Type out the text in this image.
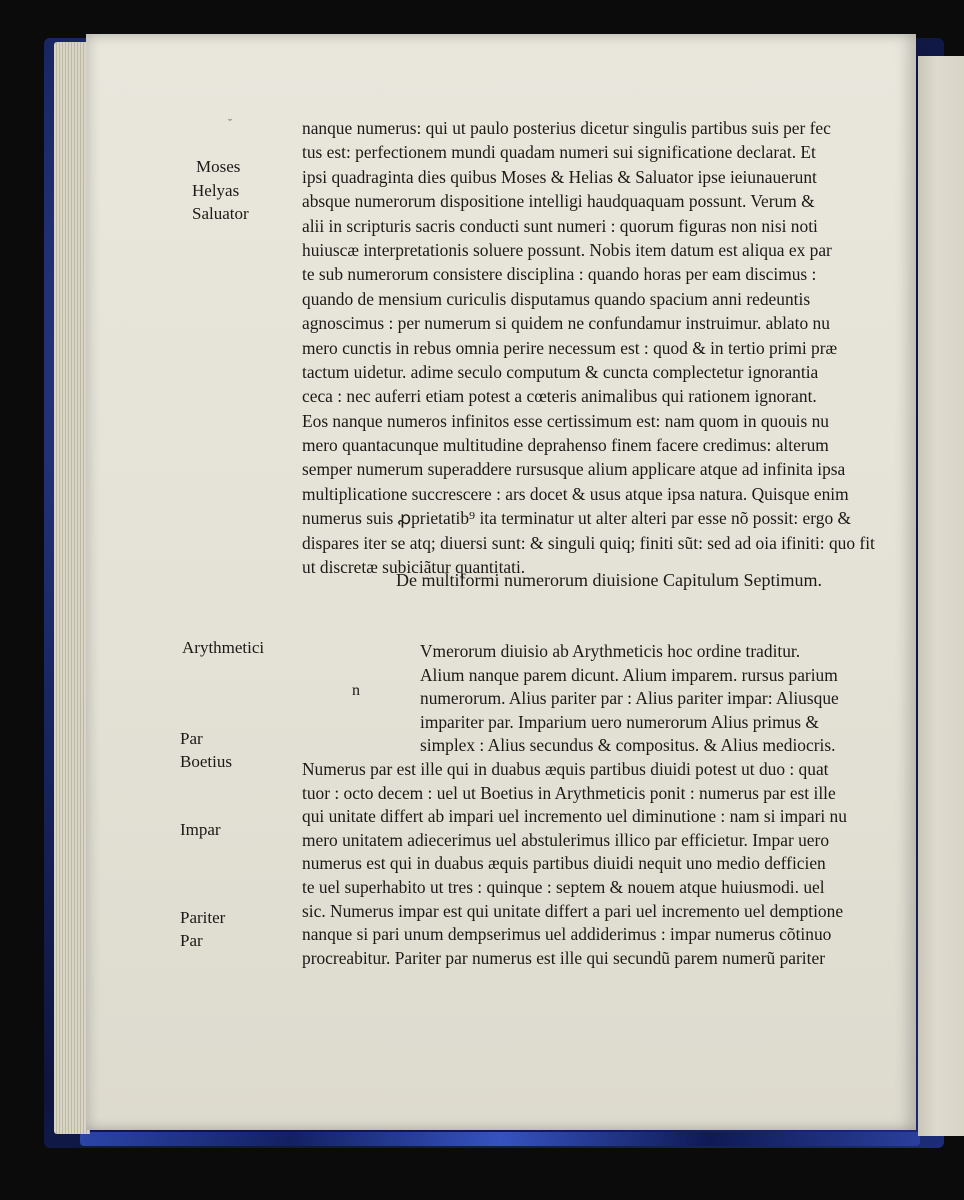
˘
Moses
Helyas
Saluator
Arythmetici
Par
Boetius
Impar
Pariter
Par
nanque numerus: qui ut paulo posterius dicetur singulis partibus suis per fec
tus est: perfectionem mundi quadam numeri sui significatione declarat. Et
ipsi quadraginta dies quibus Moses & Helias & Saluator ipse ieiunauerunt
absque numerorum dispositione intelligi haudquaquam possunt. Verum &
alii in scripturis sacris conducti sunt numeri : quorum figuras non nisi noti
huiuscæ interpretationis soluere possunt. Nobis item datum est aliqua ex par
te sub numerorum consistere disciplina : quando horas per eam discimus :
quando de mensium curiculis disputamus quando spacium anni redeuntis
agnoscimus : per numerum si quidem ne confundamur instruimur. ablato nu
mero cunctis in rebus omnia perire necessum est : quod & in tertio primi præ
tactum uidetur. adime seculo computum & cuncta complectetur ignorantia
ceca : nec auferri etiam potest a cœteris animalibus qui rationem ignorant.
Eos nanque numeros infinitos esse certissimum est: nam quom in quouis nu
mero quantacunque multitudine deprahenso finem facere credimus: alterum
semper numerum superaddere rursusque alium applicare atque ad infinita ipsa
multiplicatione succrescere : ars docet & usus atque ipsa natura. Quisque enim
numerus suis ꝓprietatib⁹ ita terminatur ut alter alteri par esse nõ possit: ergo &
dispares iter se atq; diuersi sunt: & singuli quiq; finiti sũt: sed ad oia ifiniti: quo fit
ut discretæ subiciãtur quantitati.
De multiformi numerorum diuisione Capitulum Septimum.
n
Vmerorum diuisio ab Arythmeticis hoc ordine traditur.
Alium nanque parem dicunt. Alium imparem. rursus parium
numerorum. Alius pariter par : Alius pariter impar: Aliusque
impariter par. Imparium uero numerorum Alius primus &
simplex : Alius secundus & compositus. & Alius mediocris.
Numerus par est ille qui in duabus æquis partibus diuidi potest ut duo : quat
tuor : octo decem : uel ut Boetius in Arythmeticis ponit : numerus par est ille
qui unitate differt ab impari uel incremento uel diminutione : nam si impari nu
mero unitatem adiecerimus uel abstulerimus illico par efficietur. Impar uero
numerus est qui in duabus æquis partibus diuidi nequit uno medio defficien
te uel superhabito ut tres : quinque : septem & nouem atque huiusmodi. uel
sic. Numerus impar est qui unitate differt a pari uel incremento uel demptione
nanque si pari unum dempserimus uel addiderimus : impar numerus cõtinuo
procreabitur. Pariter par numerus est ille qui secundũ parem numerũ pariter
